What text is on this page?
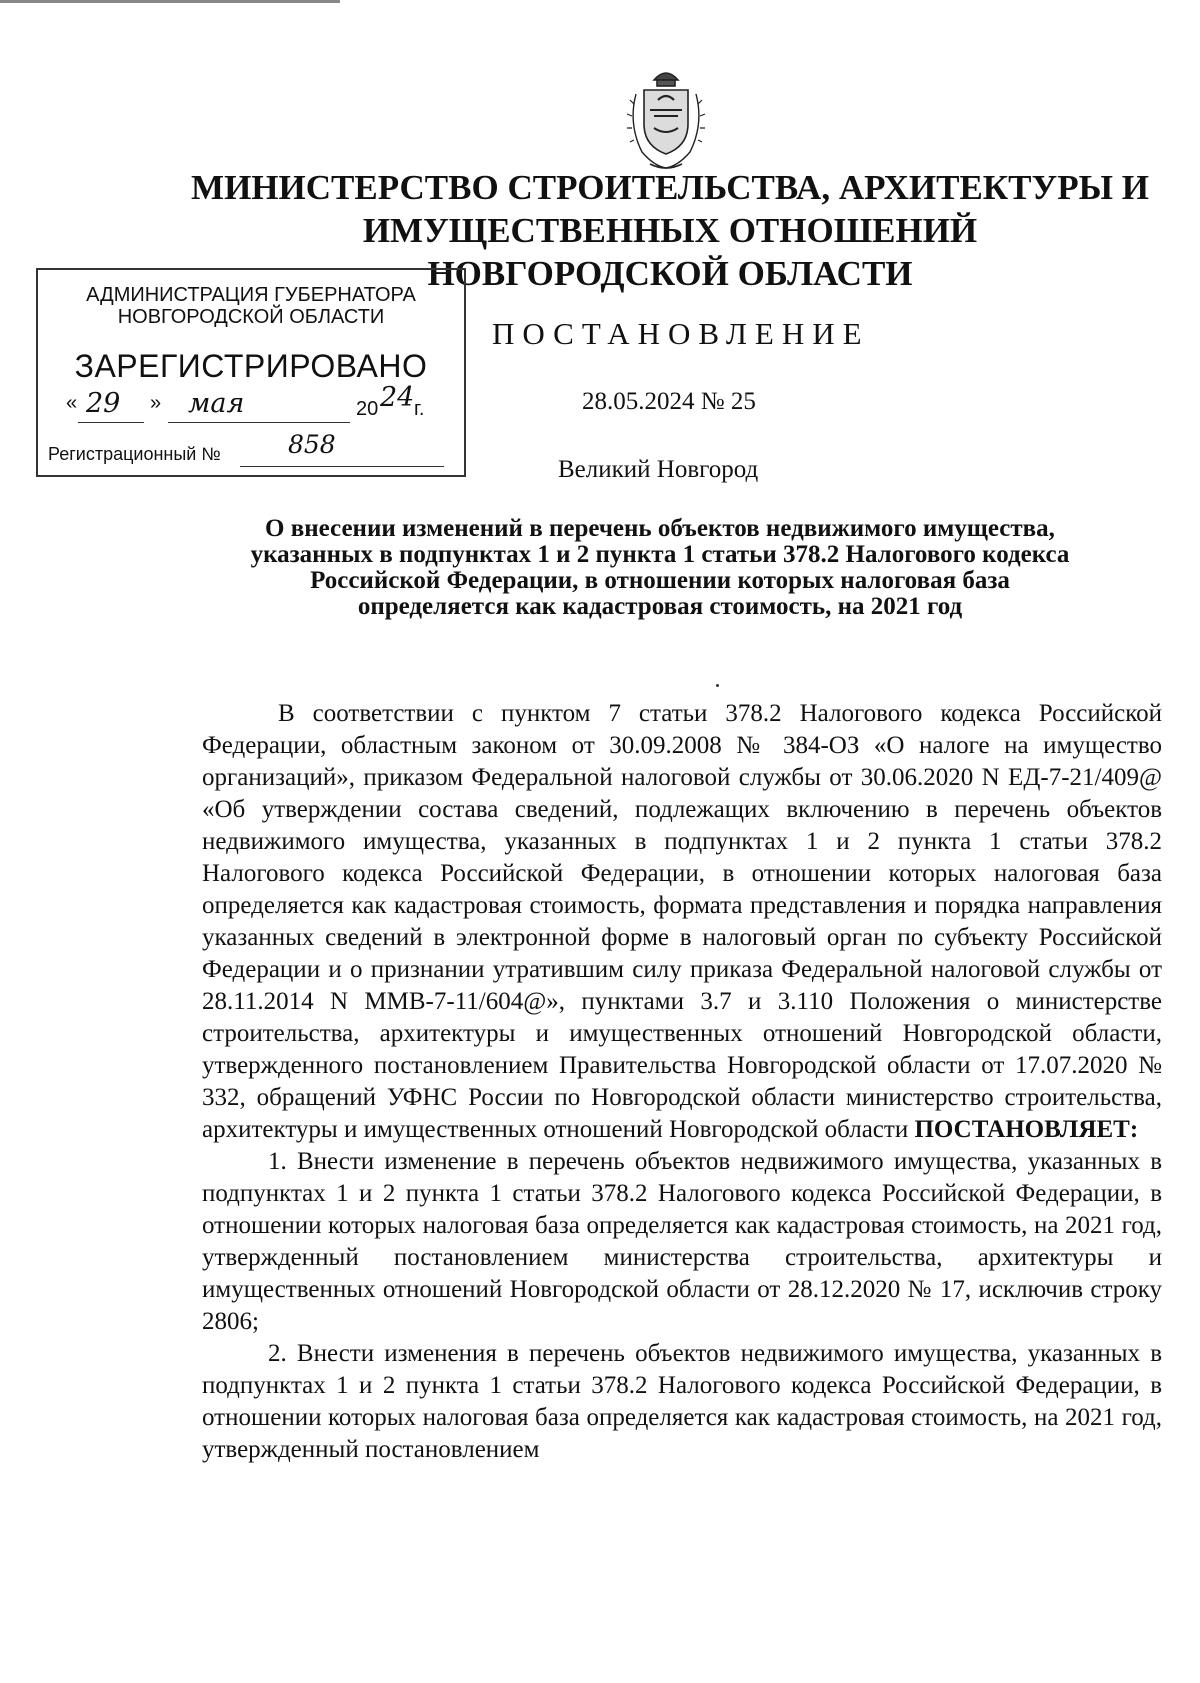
МИНИСТЕРСТВО СТРОИТЕЛЬСТВА, АРХИТЕКТУРЫ И
ИМУЩЕСТВЕННЫХ ОТНОШЕНИЙ
НОВГОРОДСКОЙ ОБЛАСТИ
АДМИНИСТРАЦИЯ ГУБЕРНАТОРА
НОВГОРОДСКОЙ ОБЛАСТИ
ЗАРЕГИСТРИРОВАНО
« 29 » мая	20 24 г.
Регистрационный №	858
ПОСТАНОВЛЕНИЕ
28.05.2024 № 25
Великий Новгород
О внесении изменений в перечень объектов недвижимого имущества,
указанных в подпунктах 1 и 2 пункта 1 статьи 378.2 Налогового кодекса
Российской Федерации, в отношении которых налоговая база
определяется как кадастровая стоимость, на 2021 год

В соответствии с пунктом 7 статьи 378.2 Налогового кодекса Российской Федерации, областным законом от 30.09.2008 № 384-ОЗ «О налоге на имущество организаций», приказом Федеральной налоговой службы от 30.06.2020 N ЕД-7-21/409@ «Об утверждении состава сведений, подлежащих включению в перечень объектов недвижимого имущества, указанных в подпунктах 1 и 2 пункта 1 статьи 378.2 Налогового кодекса Российской Федерации, в отношении которых налоговая база определяется как кадастровая стоимость, формата представления и порядка направления указанных сведений в электронной форме в налоговый орган по субъекту Российской Федерации и о признании утратившим силу приказа Федеральной налоговой службы от 28.11.2014 N ММВ-7-11/604@», пунктами 3.7 и 3.110 Положения о министерстве строительства, архитектуры и имущественных отношений Новгородской области, утвержденного постановлением Правительства Новгородской области от 17.07.2020 № 332, обращений УФНС России по Новгородской области министерство строительства, архитектуры и имущественных отношений Новгородской области ПОСТАНОВЛЯЕТ:

1. Внести изменение в перечень объектов недвижимого имущества, указанных в подпунктах 1 и 2 пункта 1 статьи 378.2 Налогового кодекса Российской Федерации, в отношении которых налоговая база определяется как кадастровая стоимость, на 2021 год, утвержденный постановлением министерства строительства, архитектуры и имущественных отношений Новгородской области от 28.12.2020 № 17, исключив строку 2806;

2. Внести изменения в перечень объектов недвижимого имущества, указанных в подпунктах 1 и 2 пункта 1 статьи 378.2 Налогового кодекса Российской Федерации, в отношении которых налоговая база определяется как кадастровая стоимость, на 2021 год, утвержденный постановлением
